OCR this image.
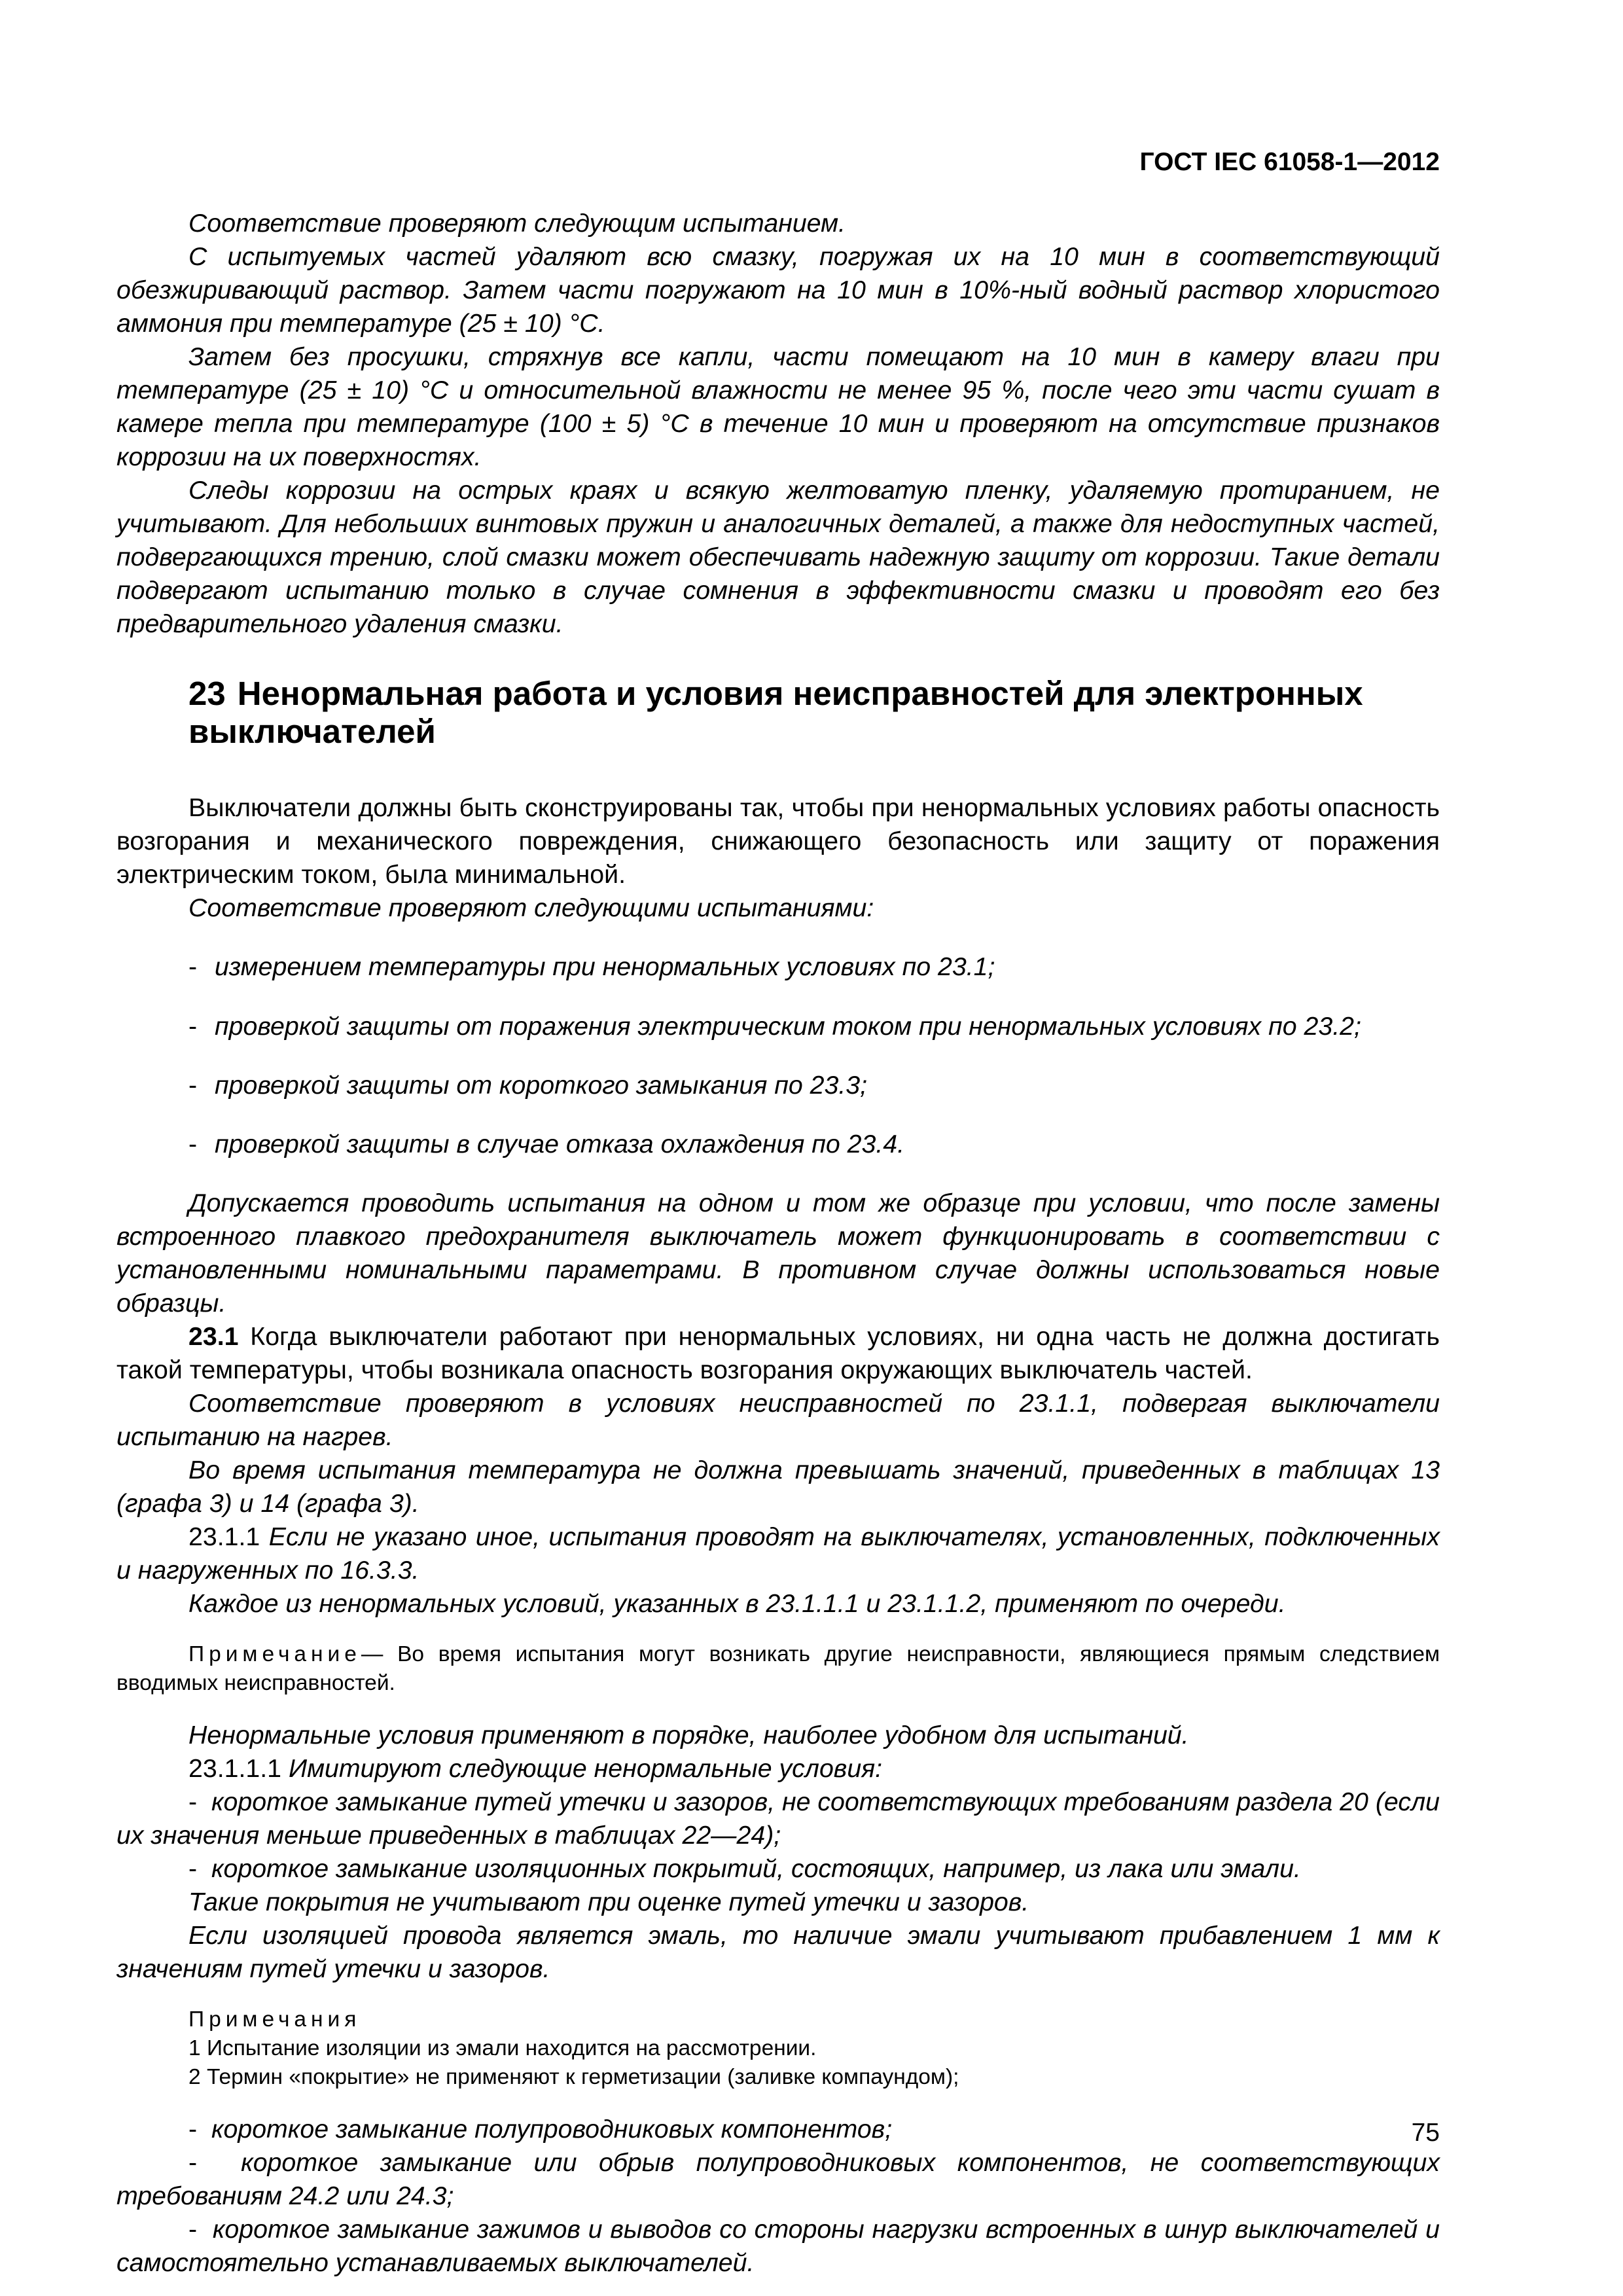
ГОСТ IEC 61058-1—2012

Соответствие проверяют следующим испытанием.

С испытуемых частей удаляют всю смазку, погружая их на 10 мин в соответствующий обезжиривающий раствор. Затем части погружают на 10 мин в 10%-ный водный раствор хлористого аммония при температуре (25 ± 10) °С.

Затем без просушки, стряхнув все капли, части помещают на 10 мин в камеру влаги при температуре (25 ± 10) °С и относительной влажности не менее 95 %, после чего эти части сушат в камере тепла при температуре (100 ± 5) °С в течение 10 мин и проверяют на отсутствие признаков коррозии на их поверхностях.

Следы коррозии на острых краях и всякую желтоватую пленку, удаляемую протиранием, не учитывают. Для небольших винтовых пружин и аналогичных деталей, а также для недоступных частей, подвергающихся трению, слой смазки может обеспечивать надежную защиту от коррозии. Такие детали подвергают испытанию только в случае сомнения в эффективности смазки и проводят его без предварительного удаления смазки.

23 Ненормальная работа и условия неисправностей для электронных выключателей

Выключатели должны быть сконструированы так, чтобы при ненормальных условиях работы опасность возгорания и механического повреждения, снижающего безопасность или защиту от поражения электрическим током, была минимальной.

Соответствие проверяют следующими испытаниями:

- измерением температуры при ненормальных условиях по 23.1;

- проверкой защиты от поражения электрическим током при ненормальных условиях по 23.2;

- проверкой защиты от короткого замыкания по 23.3;

- проверкой защиты в случае отказа охлаждения по 23.4.

Допускается проводить испытания на одном и том же образце при условии, что после замены встроенного плавкого предохранителя выключатель может функционировать в соответствии с установленными номинальными параметрами. В противном случае должны использоваться новые образцы.

23.1 Когда выключатели работают при ненормальных условиях, ни одна часть не должна достигать такой температуры, чтобы возникала опасность возгорания окружающих выключатель частей.

Соответствие проверяют в условиях неисправностей по 23.1.1, подвергая выключатели испытанию на нагрев.

Во время испытания температура не должна превышать значений, приведенных в таблицах 13 (графа 3) и 14 (графа 3).

23.1.1 Если не указано иное, испытания проводят на выключателях, установленных, подключенных и нагруженных по 16.3.3.

Каждое из ненормальных условий, указанных в 23.1.1.1 и 23.1.1.2, применяют по очереди.

Примечание— Во время испытания могут возникать другие неисправности, являющиеся прямым следствием вводимых неисправностей.

Ненормальные условия применяют в порядке, наиболее удобном для испытаний.

23.1.1.1 Имитируют следующие ненормальные условия:

-  короткое замыкание путей утечки и зазоров, не соответствующих требованиям раздела 20 (если их значения меньше приведенных в таблицах 22—24);

-  короткое замыкание изоляционных покрытий, состоящих, например, из лака или эмали.

Такие покрытия не учитывают при оценке путей утечки и зазоров.

Если изоляцией провода является эмаль, то наличие эмали учитывают прибавлением 1 мм к значениям путей утечки и зазоров.

Примечания

1 Испытание изоляции из эмали находится на рассмотрении.

2 Термин «покрытие» не применяют к герметизации (заливке компаундом);

-  короткое замыкание полупроводниковых компонентов;

-  короткое замыкание или обрыв полупроводниковых компонентов, не соответствующих требованиям 24.2 или 24.3;

-  короткое замыкание зажимов и выводов со стороны нагрузки встроенных в шнур выключателей и самостоятельно устанавливаемых выключателей.

75
